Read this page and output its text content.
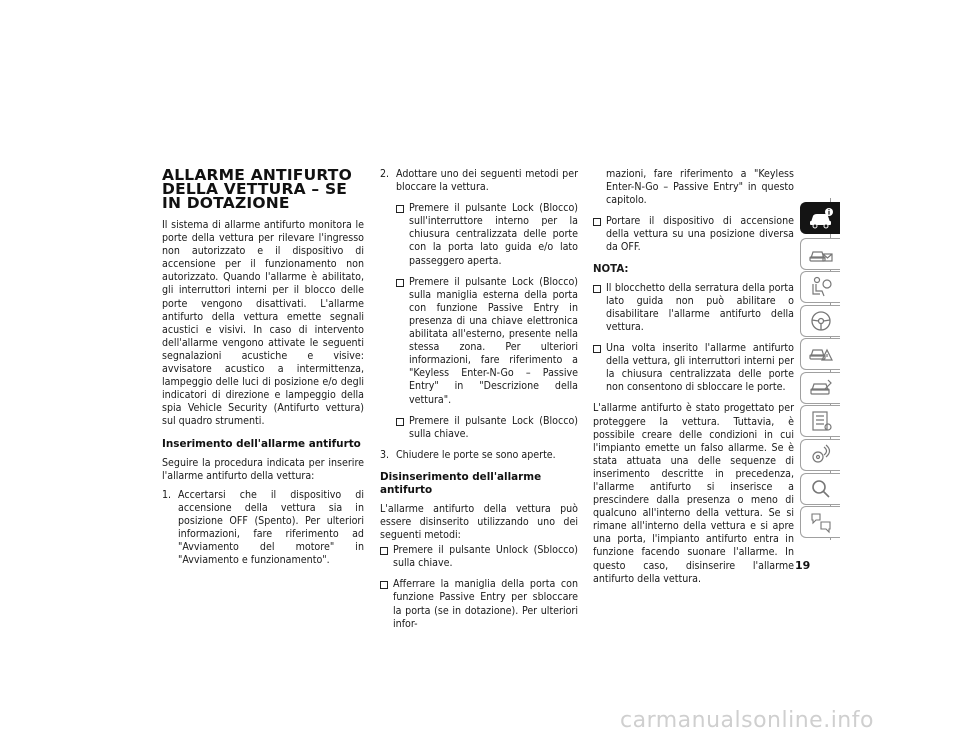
ALLARME ANTIFURTO DELLA VETTURA – SE IN DOTAZIONE

Il sistema di allarme antifurto monitora le porte della vettura per rilevare l'ingresso non autorizzato e il dispositivo di accensione per il funzionamento non autorizzato. Quando l'allarme è abilitato, gli interruttori interni per il blocco delle porte vengono disattivati. L'allarme antifurto della vettura emette segnali acustici e visivi. In caso di intervento dell'allarme vengono attivate le seguenti segnalazioni acustiche e visive: avvisatore acustico a intermittenza, lampeggio delle luci di posizione e/o degli indicatori di direzione e lampeggio della spia Vehicle Security (Antifurto vettura) sul quadro strumenti.

Inserimento dell'allarme antifurto

Seguire la procedura indicata per inserire l'allarme antifurto della vettura:

1. Accertarsi che il dispositivo di accensione della vettura sia in posizione OFF (Spento). Per ulteriori informazioni, fare riferimento ad "Avviamento del motore" in "Avviamento e funzionamento".
2. Adottare uno dei seguenti metodi per bloccare la vettura.
Premere il pulsante Lock (Blocco) sull'interruttore interno per la chiusura centralizzata delle porte con la porta lato guida e/o lato passeggero aperta.
Premere il pulsante Lock (Blocco) sulla maniglia esterna della porta con funzione Passive Entry in presenza di una chiave elettronica abilitata all'esterno, presente nella stessa zona. Per ulteriori informazioni, fare riferimento a "Keyless Enter-N-Go – Passive Entry" in "Descrizione della vettura".
Premere il pulsante Lock (Blocco) sulla chiave.
3. Chiudere le porte se sono aperte.
Disinserimento dell'allarme antifurto

L'allarme antifurto della vettura può essere disinserito utilizzando uno dei seguenti metodi:

Premere il pulsante Unlock (Sblocco) sulla chiave.
Afferrare la maniglia della porta con funzione Passive Entry per sbloccare la porta (se in dotazione). Per ulteriori infor-
mazioni, fare riferimento a "Keyless Enter-N-Go – Passive Entry" in questo capitolo.
Portare il dispositivo di accensione della vettura su una posizione diversa da OFF.
NOTA:
Il blocchetto della serratura della porta lato guida non può abilitare o disabilitare l'allarme antifurto della vettura.
Una volta inserito l'allarme antifurto della vettura, gli interruttori interni per la chiusura centralizzata delle porte non consentono di sbloccare le porte.

L'allarme antifurto è stato progettato per proteggere la vettura. Tuttavia, è possibile creare delle condizioni in cui l'impianto emette un falso allarme. Se è stata attuata una delle sequenze di inserimento descritte in precedenza, l'allarme antifurto si inserisce a prescindere dalla presenza o meno di qualcuno all'interno della vettura. Se si rimane all'interno della vettura e si apre una porta, l'impianto antifurto entra in funzione facendo suonare l'allarme. In questo caso, disinserire l'allarme antifurto della vettura.

19
carmanualsonline.info
